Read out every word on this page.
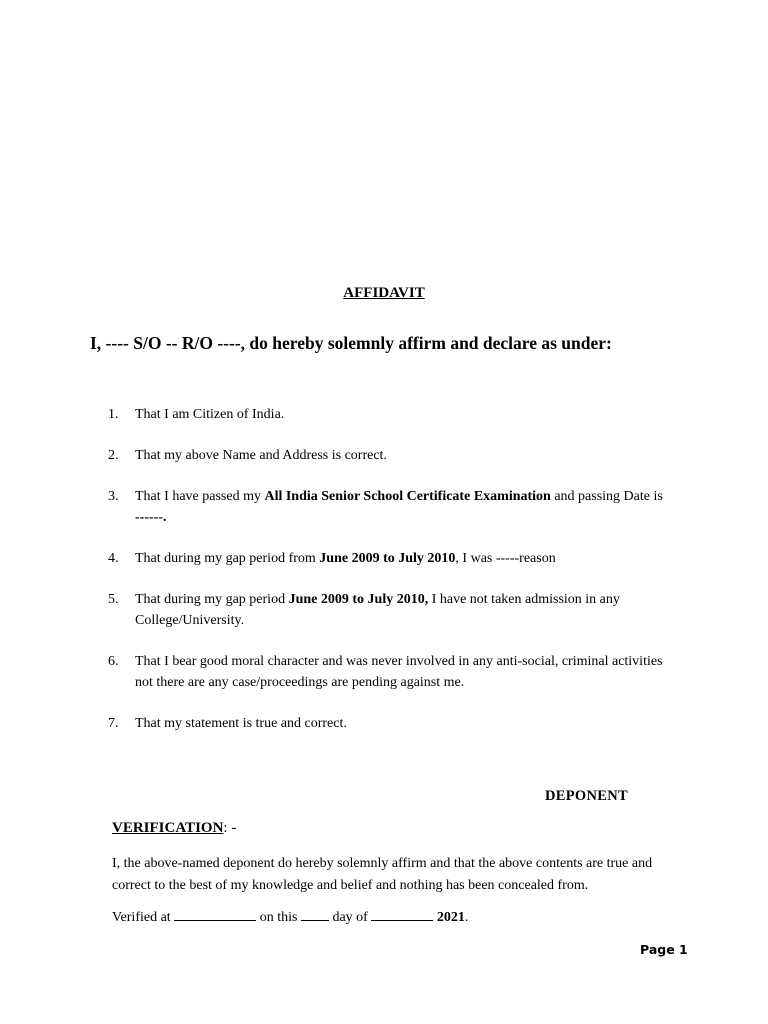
AFFIDAVIT
I, ---- S/O -- R/O ----, do hereby solemnly affirm and declare as under:
1.	That I am Citizen of India.
2.	That my above Name and Address is correct.
3.	That I have passed my All India Senior School Certificate Examination and passing Date is ------.
4.	That during my gap period from June 2009 to July 2010, I was -----reason
5.	That during my gap period June 2009 to July 2010, I have not taken admission in any College/University.
6.	That I bear good moral character and was never involved in any anti-social, criminal activities not there are any case/proceedings are pending against me.
7.	That my statement is true and correct.
DEPONENT
VERIFICATION: -
I, the above-named deponent do hereby solemnly affirm and that the above contents are true and correct to the best of my knowledge and belief and nothing has been concealed from.
Verified at	on this	day of	2021.
Page 1
